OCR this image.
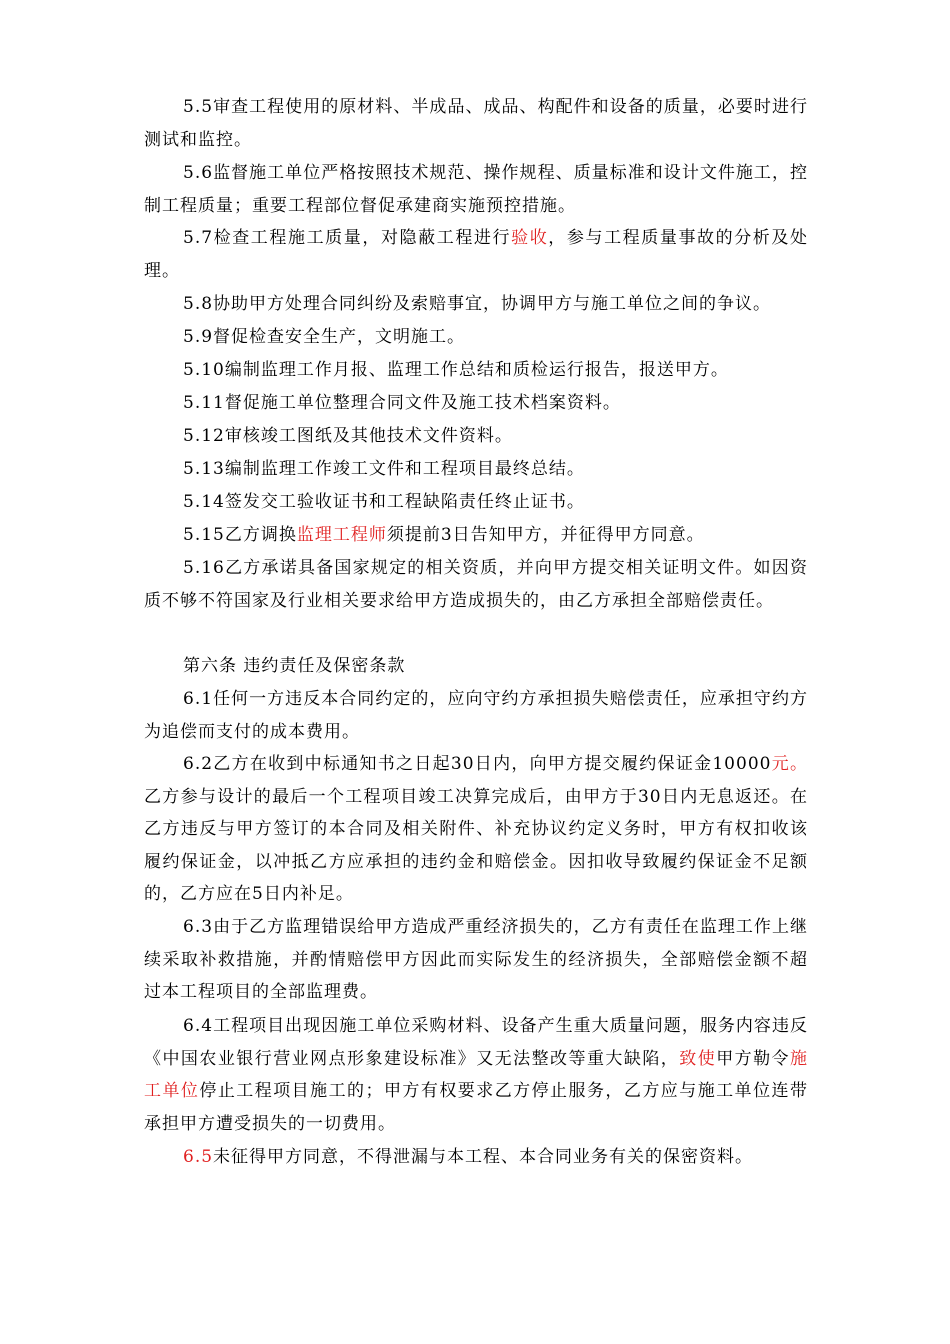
5.5审查工程使用的原材料、半成品、成品、构配件和设备的质量，必要时进行测试和监控。

5.6监督施工单位严格按照技术规范、操作规程、质量标准和设计文件施工，控制工程质量；重要工程部位督促承建商实施预控措施。

5.7检查工程施工质量，对隐蔽工程进行验收，参与工程质量事故的分析及处理。

5.8协助甲方处理合同纠纷及索赔事宜，协调甲方与施工单位之间的争议。

5.9督促检查安全生产，文明施工。

5.10编制监理工作月报、监理工作总结和质检运行报告，报送甲方。

5.11督促施工单位整理合同文件及施工技术档案资料。

5.12审核竣工图纸及其他技术文件资料。

5.13编制监理工作竣工文件和工程项目最终总结。

5.14签发交工验收证书和工程缺陷责任终止证书。

5.15乙方调换监理工程师须提前3日告知甲方，并征得甲方同意。

5.16乙方承诺具备国家规定的相关资质，并向甲方提交相关证明文件。如因资质不够不符国家及行业相关要求给甲方造成损失的，由乙方承担全部赔偿责任。

第六条 违约责任及保密条款

6.1任何一方违反本合同约定的，应向守约方承担损失赔偿责任，应承担守约方为追偿而支付的成本费用。

6.2乙方在收到中标通知书之日起30日内，向甲方提交履约保证金10000元。乙方参与设计的最后一个工程项目竣工决算完成后，由甲方于30日内无息返还。在乙方违反与甲方签订的本合同及相关附件、补充协议约定义务时，甲方有权扣收该履约保证金，以冲抵乙方应承担的违约金和赔偿金。因扣收导致履约保证金不足额的，乙方应在5日内补足。

6.3由于乙方监理错误给甲方造成严重经济损失的，乙方有责任在监理工作上继续采取补救措施，并酌情赔偿甲方因此而实际发生的经济损失，全部赔偿金额不超过本工程项目的全部监理费。

6.4工程项目出现因施工单位采购材料、设备产生重大质量问题，服务内容违反《中国农业银行营业网点形象建设标准》又无法整改等重大缺陷，致使甲方勒令施工单位停止工程项目施工的；甲方有权要求乙方停止服务，乙方应与施工单位连带承担甲方遭受损失的一切费用。

6.5未征得甲方同意，不得泄漏与本工程、本合同业务有关的保密资料。
